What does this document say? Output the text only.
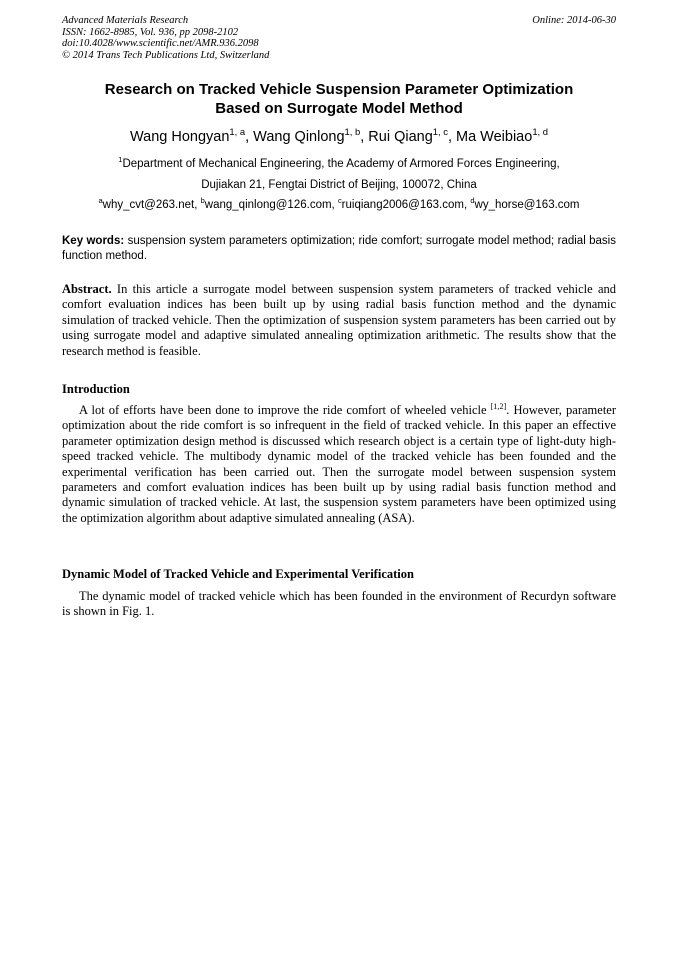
Advanced Materials Research
ISSN: 1662-8985, Vol. 936, pp 2098-2102
doi:10.4028/www.scientific.net/AMR.936.2098
© 2014 Trans Tech Publications Ltd, Switzerland
Online: 2014-06-30
Research on Tracked Vehicle Suspension Parameter Optimization
Based on Surrogate Model Method
Wang Hongyan$^{1, a}$, Wang Qinlong$^{1, b}$, Rui Qiang$^{1, c}$, Ma Weibiao$^{1, d}$
$^1$Department of Mechanical Engineering, the Academy of Armored Forces Engineering,
Dujiakan 21, Fengtai District of Beijing, 100072, China
$^a$why_cvt@263.net, $^b$wang_qinlong@126.com, $^c$ruiqiang2006@163.com, $^d$wy_horse@163.com
Key words: suspension system parameters optimization; ride comfort; surrogate model method; radial basis function method.
Abstract. In this article a surrogate model between suspension system parameters of tracked vehicle and comfort evaluation indices has been built up by using radial basis function method and the dynamic simulation of tracked vehicle. Then the optimization of suspension system parameters has been carried out by using surrogate model and adaptive simulated annealing optimization arithmetic. The results show that the research method is feasible.
Introduction
A lot of efforts have been done to improve the ride comfort of wheeled vehicle [1,2]. However, parameter optimization about the ride comfort is so infrequent in the field of tracked vehicle. In this paper an effective parameter optimization design method is discussed which research object is a certain type of light-duty high-speed tracked vehicle. The multibody dynamic model of the tracked vehicle has been founded and the experimental verification has been carried out. Then the surrogate model between suspension system parameters and comfort evaluation indices has been built up by using radial basis function method and dynamic simulation of tracked vehicle. At last, the suspension system parameters have been optimized using the optimization algorithm about adaptive simulated annealing (ASA).
Dynamic Model of Tracked Vehicle and Experimental Verification
The dynamic model of tracked vehicle which has been founded in the environment of Recurdyn software is shown in Fig. 1.
